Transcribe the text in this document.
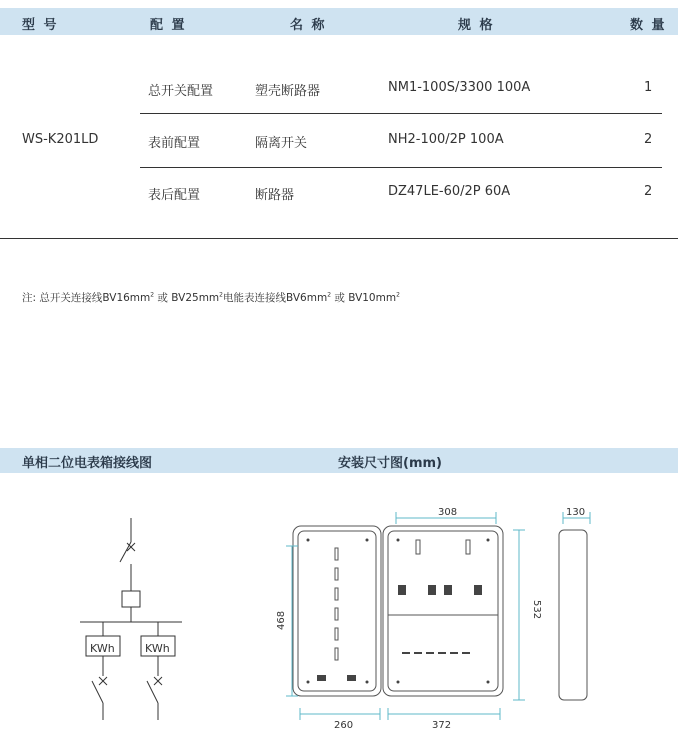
型 号	配 置	名 称	规 格	数 量
WS-K201LD
总开关配置	塑壳断路器	NM1-100S/3300 100A	1
表前配置	隔离开关	NH2-100/2P 100A	2
表后配置	断路器	DZ47LE-60/2P 60A	2
注: 总开关连接线$BV16mm^2$ 或 $BV25mm^2$电能表连接线$BV6mm^2$ 或 $BV10mm^2$
单相二位电表箱接线图	安装尺寸图(mm)
KWh	KWh
308	130
468
532
260	372
